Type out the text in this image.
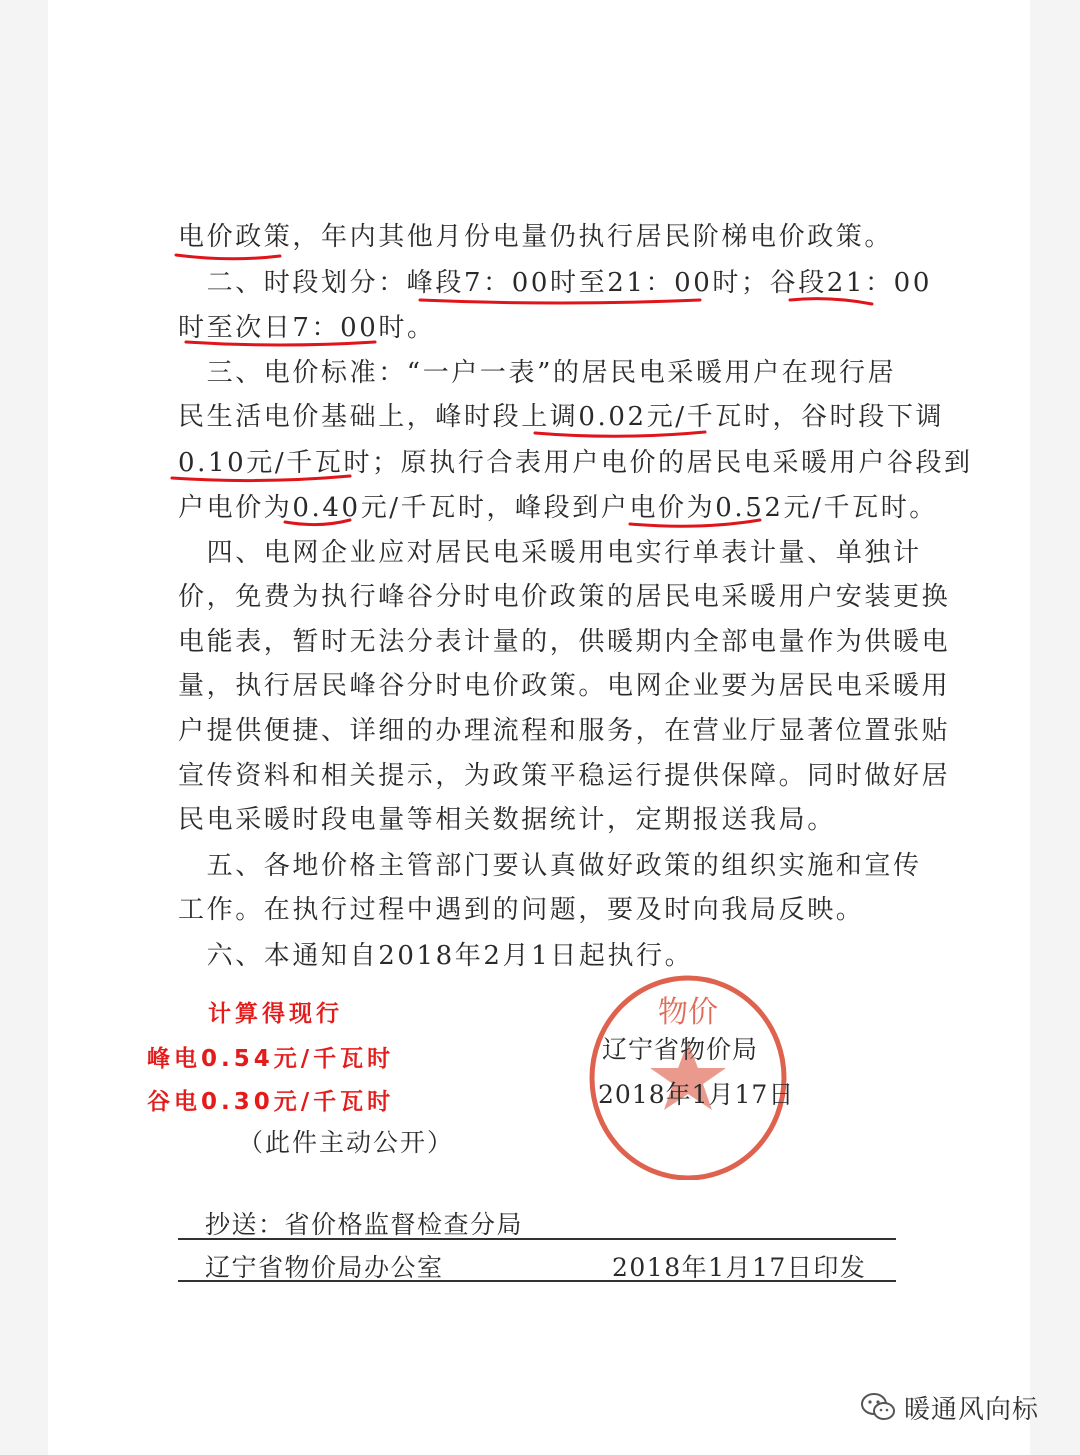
电价政策，年内其他月份电量仍执行居民阶梯电价政策。
　二、时段划分：峰段7：00时至21：00时；谷段21：00
时至次日7：00时。
　三、电价标准：“一户一表”的居民电采暖用户在现行居
民生活电价基础上，峰时段上调0.02元/千瓦时，谷时段下调
0.10元/千瓦时；原执行合表用户电价的居民电采暖用户谷段到
户电价为0.40元/千瓦时，峰段到户电价为0.52元/千瓦时。
　四、电网企业应对居民电采暖用电实行单表计量、单独计
价，免费为执行峰谷分时电价政策的居民电采暖用户安装更换
电能表，暂时无法分表计量的，供暖期内全部电量作为供暖电
量，执行居民峰谷分时电价政策。电网企业要为居民电采暖用
户提供便捷、详细的办理流程和服务，在营业厅显著位置张贴
宣传资料和相关提示，为政策平稳运行提供保障。同时做好居
民电采暖时段电量等相关数据统计，定期报送我局。
　五、各地价格主管部门要认真做好政策的组织实施和宣传
工作。在执行过程中遇到的问题，要及时向我局反映。
　六、本通知自2018年2月1日起执行。
计算得现行
峰电0.54元/千瓦时
谷电0.30元/千瓦时
（此件主动公开）
物价
辽宁省物价局
2018年1月17日
抄送：省价格监督检查分局
辽宁省物价局办公室	2018年1月17日印发
暖通风向标
